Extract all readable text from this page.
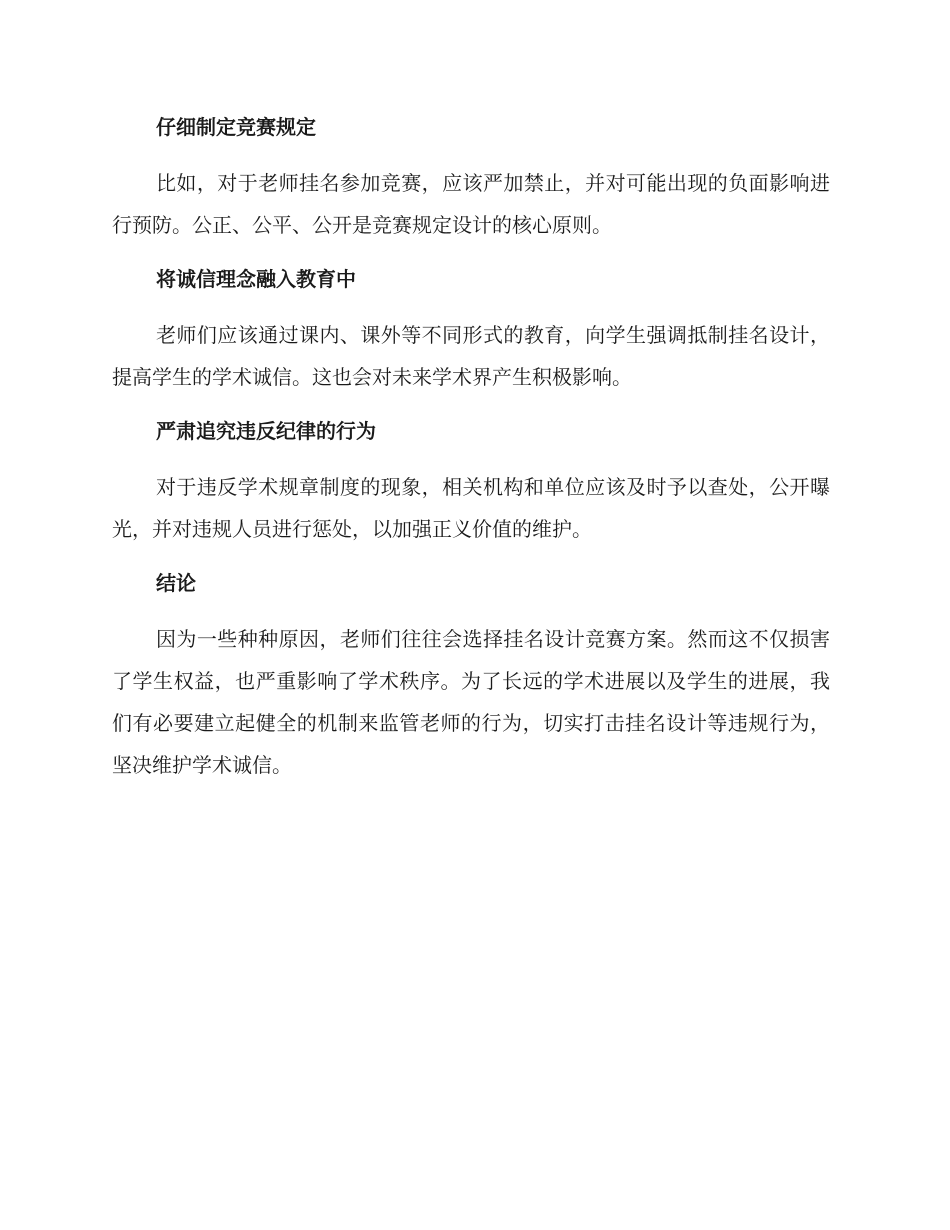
仔细制定竞赛规定

比如，对于老师挂名参加竞赛，应该严加禁止，并对可能出现的负面影响进行预防。公正、公平、公开是竞赛规定设计的核心原则。

将诚信理念融入教育中

老师们应该通过课内、课外等不同形式的教育，向学生强调抵制挂名设计，提高学生的学术诚信。这也会对未来学术界产生积极影响。

严肃追究违反纪律的行为

对于违反学术规章制度的现象，相关机构和单位应该及时予以查处，公开曝光，并对违规人员进行惩处，以加强正义价值的维护。

结论

因为一些种种原因，老师们往往会选择挂名设计竞赛方案。然而这不仅损害了学生权益，也严重影响了学术秩序。为了长远的学术进展以及学生的进展，我们有必要建立起健全的机制来监管老师的行为，切实打击挂名设计等违规行为，坚决维护学术诚信。
